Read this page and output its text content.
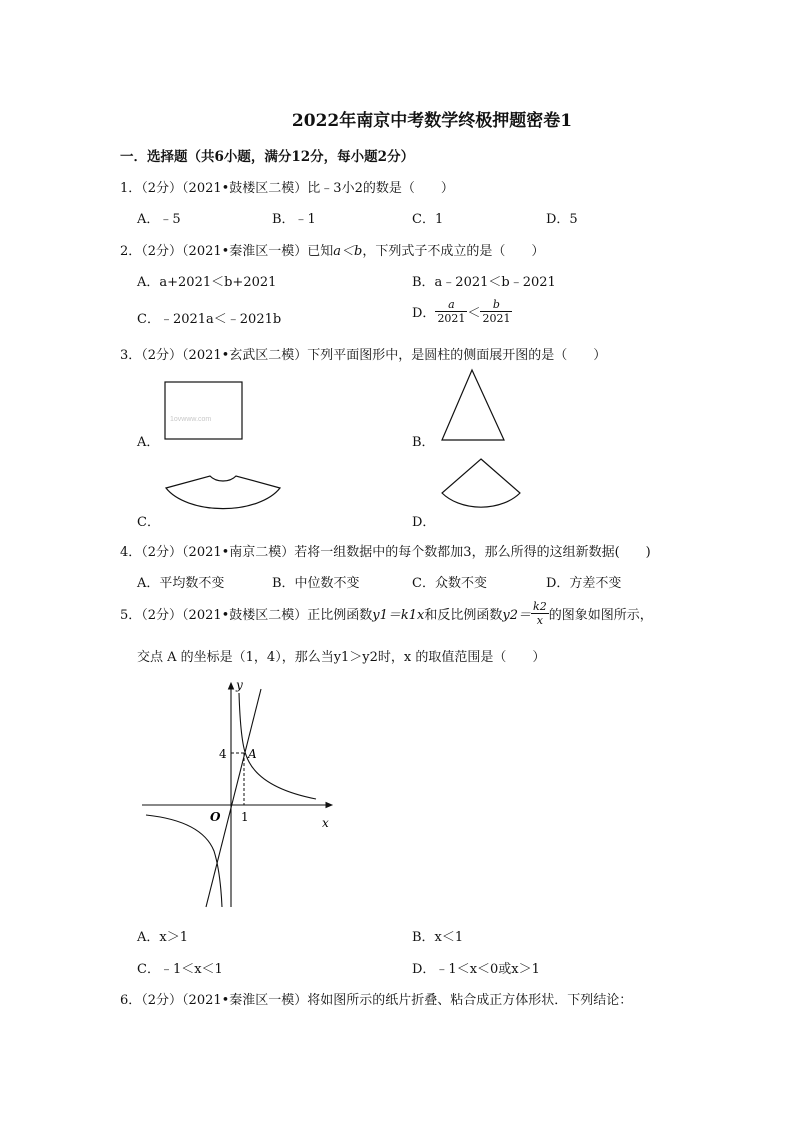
2022年南京中考数学终极押题密卷1
一．选择题（共6小题，满分12分，每小题2分）
1．（2分）（2021•鼓楼区二模）比﹣3小2的数是（　　）
A．﹣5	B．﹣1	C．1	D．5
2．（2分）（2021•秦淮区一模）已知a＜b，下列式子不成立的是（　　）
A．a+2021＜b+2021	B．a﹣2021＜b﹣2021
C．﹣2021a＜﹣2021b	D． $\frac{a}{2021} < \frac{b}{2021}$
3．（2分）（2021•玄武区二模）下列平面图形中，是圆柱的侧面展开图的是（　　）
A．
1ovwww.com
B．
C．	D．
4．（2分）（2021•南京二模）若将一组数据中的每个数都加3，那么所得的这组新数据(　　)
A．平均数不变	B．中位数不变	C．众数不变	D．方差不变
5．（2分）（2021•鼓楼区二模）正比例函数y1＝k1x和反比例函数$y2= \frac{k2}{x}$ 的图象如图所示，
交点 A 的坐标是（1，4），那么当y1＞y2时，x 的取值范围是（　　）
y
x
O 1
4 A
A．x＞1	B．x＜1
C．﹣1＜x＜1	D．﹣1＜x＜0或x＞1
6．（2分）（2021•秦淮区一模）将如图所示的纸片折叠、粘合成正方体形状．下列结论：
